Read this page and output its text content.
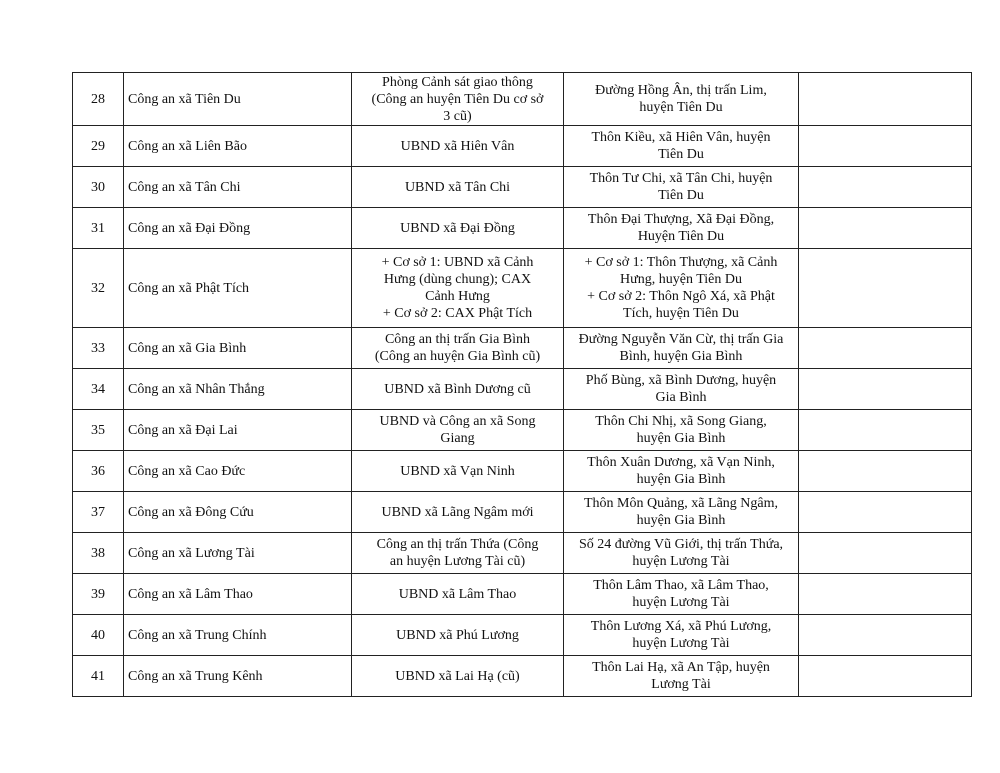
28	Công an xã Tiên Du	Phòng Cảnh sát giao thông
(Công an huyện Tiên Du cơ sở
3 cũ)	Đường Hồng Ân, thị trấn Lim,
huyện Tiên Du	

29	Công an xã Liên Bão	UBND xã Hiên Vân	Thôn Kiều, xã Hiên Vân, huyện
Tiên Du	

30	Công an xã Tân Chi	UBND xã Tân Chi	Thôn Tư Chi, xã Tân Chi, huyện
Tiên Du	

31	Công an xã Đại Đồng	UBND xã Đại Đồng	Thôn Đại Thượng, Xã Đại Đồng,
Huyện Tiên Du	

32	Công an xã Phật Tích	+ Cơ sở 1: UBND xã Cảnh
Hưng (dùng chung); CAX
Cảnh Hưng
+ Cơ sở 2: CAX Phật Tích	+ Cơ sở 1: Thôn Thượng, xã Cảnh
Hưng, huyện Tiên Du
+ Cơ sở 2: Thôn Ngô Xá, xã Phật
Tích, huyện Tiên Du	

33	Công an xã Gia Bình	Công an thị trấn Gia Bình
(Công an huyện Gia Bình cũ)	Đường Nguyễn Văn Cừ, thị trấn Gia
Bình, huyện Gia Bình	

34	Công an xã Nhân Thắng	UBND xã Bình Dương cũ	Phố Bùng, xã Bình Dương, huyện
Gia Bình	

35	Công an xã Đại Lai	UBND và Công an xã Song
Giang	Thôn Chi Nhị, xã Song Giang,
huyện Gia Bình	

36	Công an xã Cao Đức	UBND xã Vạn Ninh	Thôn Xuân Dương, xã Vạn Ninh,
huyện Gia Bình	

37	Công an xã Đông Cứu	UBND xã Lãng Ngâm mới	Thôn Môn Quảng, xã Lãng Ngâm,
huyện Gia Bình	

38	Công an xã Lương Tài	Công an thị trấn Thứa (Công
an huyện Lương Tài cũ)	Số 24 đường Vũ Giới, thị trấn Thứa,
huyện Lương Tài	

39	Công an xã Lâm Thao	UBND xã Lâm Thao	Thôn Lâm Thao, xã Lâm Thao,
huyện Lương Tài	

40	Công an xã Trung Chính	UBND xã Phú Lương	Thôn Lương Xá, xã Phú Lương,
huyện Lương Tài	

41	Công an xã Trung Kênh	UBND xã Lai Hạ (cũ)	Thôn Lai Hạ, xã An Tập, huyện
Lương Tài	
